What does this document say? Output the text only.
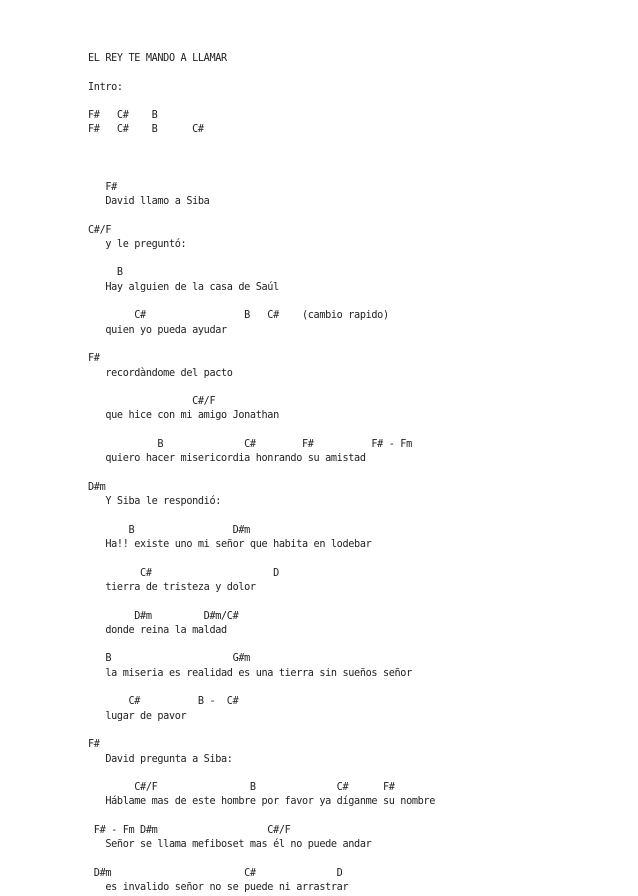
EL REY TE MANDO A LLAMAR
Intro:
F#   C#    B
F#   C#    B      C#
F#
David llamo a Siba
C#/F
y le preguntó:
B
Hay alguien de la casa de Saúl
C#                 B   C#    (cambio rapido)
quien yo pueda ayudar
F#
recordàndome del pacto
C#/F
que hice con mi amigo Jonathan
B              C#        F#          F# - Fm
quiero hacer misericordia honrando su amistad
D#m
Y Siba le respondió:
B                 D#m
Ha!! existe uno mi señor que habita en lodebar
C#                     D
tierra de tristeza y dolor
D#m         D#m/C#
donde reina la maldad
B                     G#m
la miseria es realidad es una tierra sin sueños señor
C#          B -  C#
lugar de pavor
F#
David pregunta a Siba:
C#/F                B              C#      F#
Háblame mas de este hombre por favor ya díganme su nombre
F# - Fm D#m                   C#/F
Señor se llama mefiboset mas él no puede andar
D#m                       C#              D
es invalido señor no se puede ni arrastrar
